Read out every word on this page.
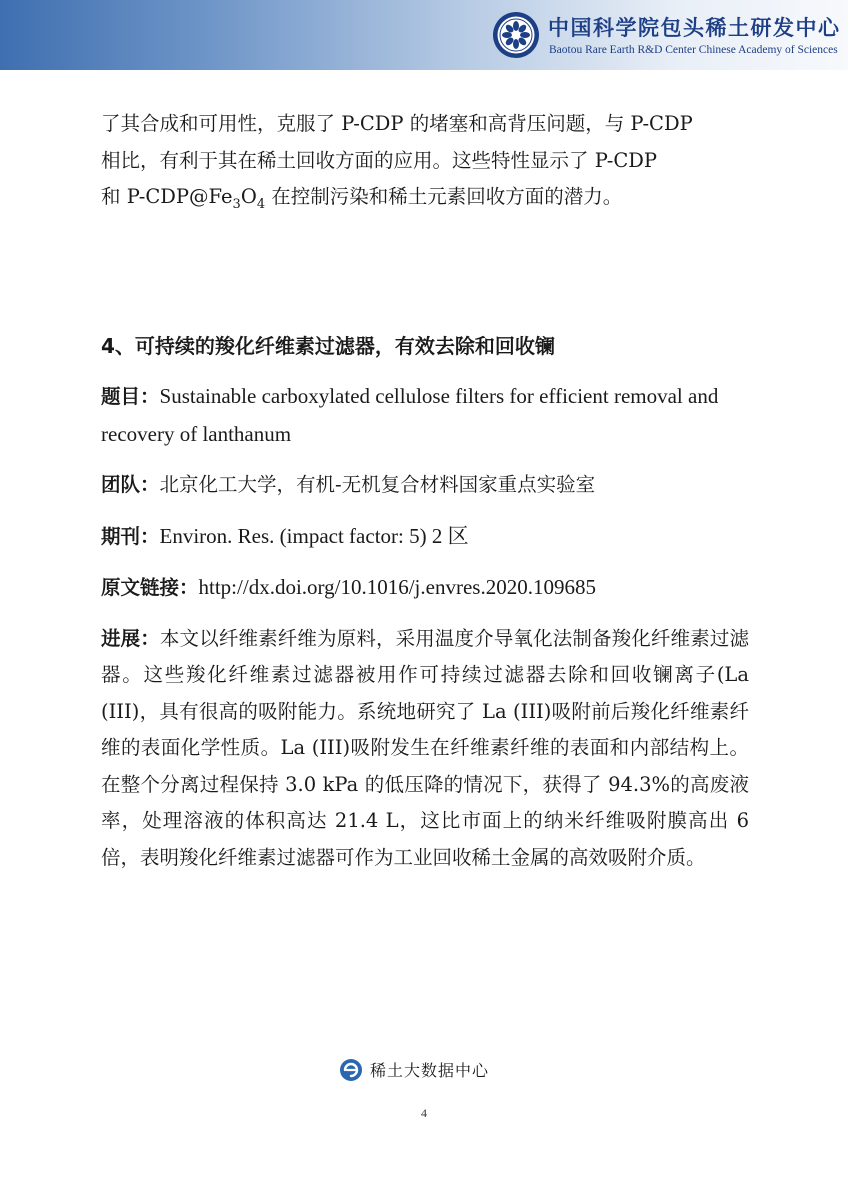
中国科学院包头稀土研发中心
Baotou Rare Earth R&D Center Chinese Academy of Sciences

了其合成和可用性，克服了 P-CDP 的堵塞和高背压问题，与 P-CDP
相比，有利于其在稀土回收方面的应用。这些特性显示了 P-CDP
和 $P-CDP@Fe_3O_4$ 在控制污染和稀土元素回收方面的潜力。

4、可持续的羧化纤维素过滤器，有效去除和回收镧
题目：Sustainable carboxylated cellulose filters for efficient removal and recovery of lanthanum
团队：北京化工大学，有机-无机复合材料国家重点实验室
期刊：Environ. Res. (impact factor: 5) 2 区
原文链接：http://dx.doi.org/10.1016/j.envres.2020.109685
进展：本文以纤维素纤维为原料，采用温度介导氧化法制备羧化纤维素过滤器。这些羧化纤维素过滤器被用作可持续过滤器去除和回收镧离子(La (III)，具有很高的吸附能力。系统地研究了 La (III)吸附前后羧化纤维素纤维的表面化学性质。La (III)吸附发生在纤维素纤维的表面和内部结构上。在整个分离过程保持 3.0 kPa 的低压降的情况下，获得了 94.3%的高废液率，处理溶液的体积高达 21.4 L，这比市面上的纳米纤维吸附膜高出 6 倍，表明羧化纤维素过滤器可作为工业回收稀土金属的高效吸附介质。
稀土大数据中心
4
